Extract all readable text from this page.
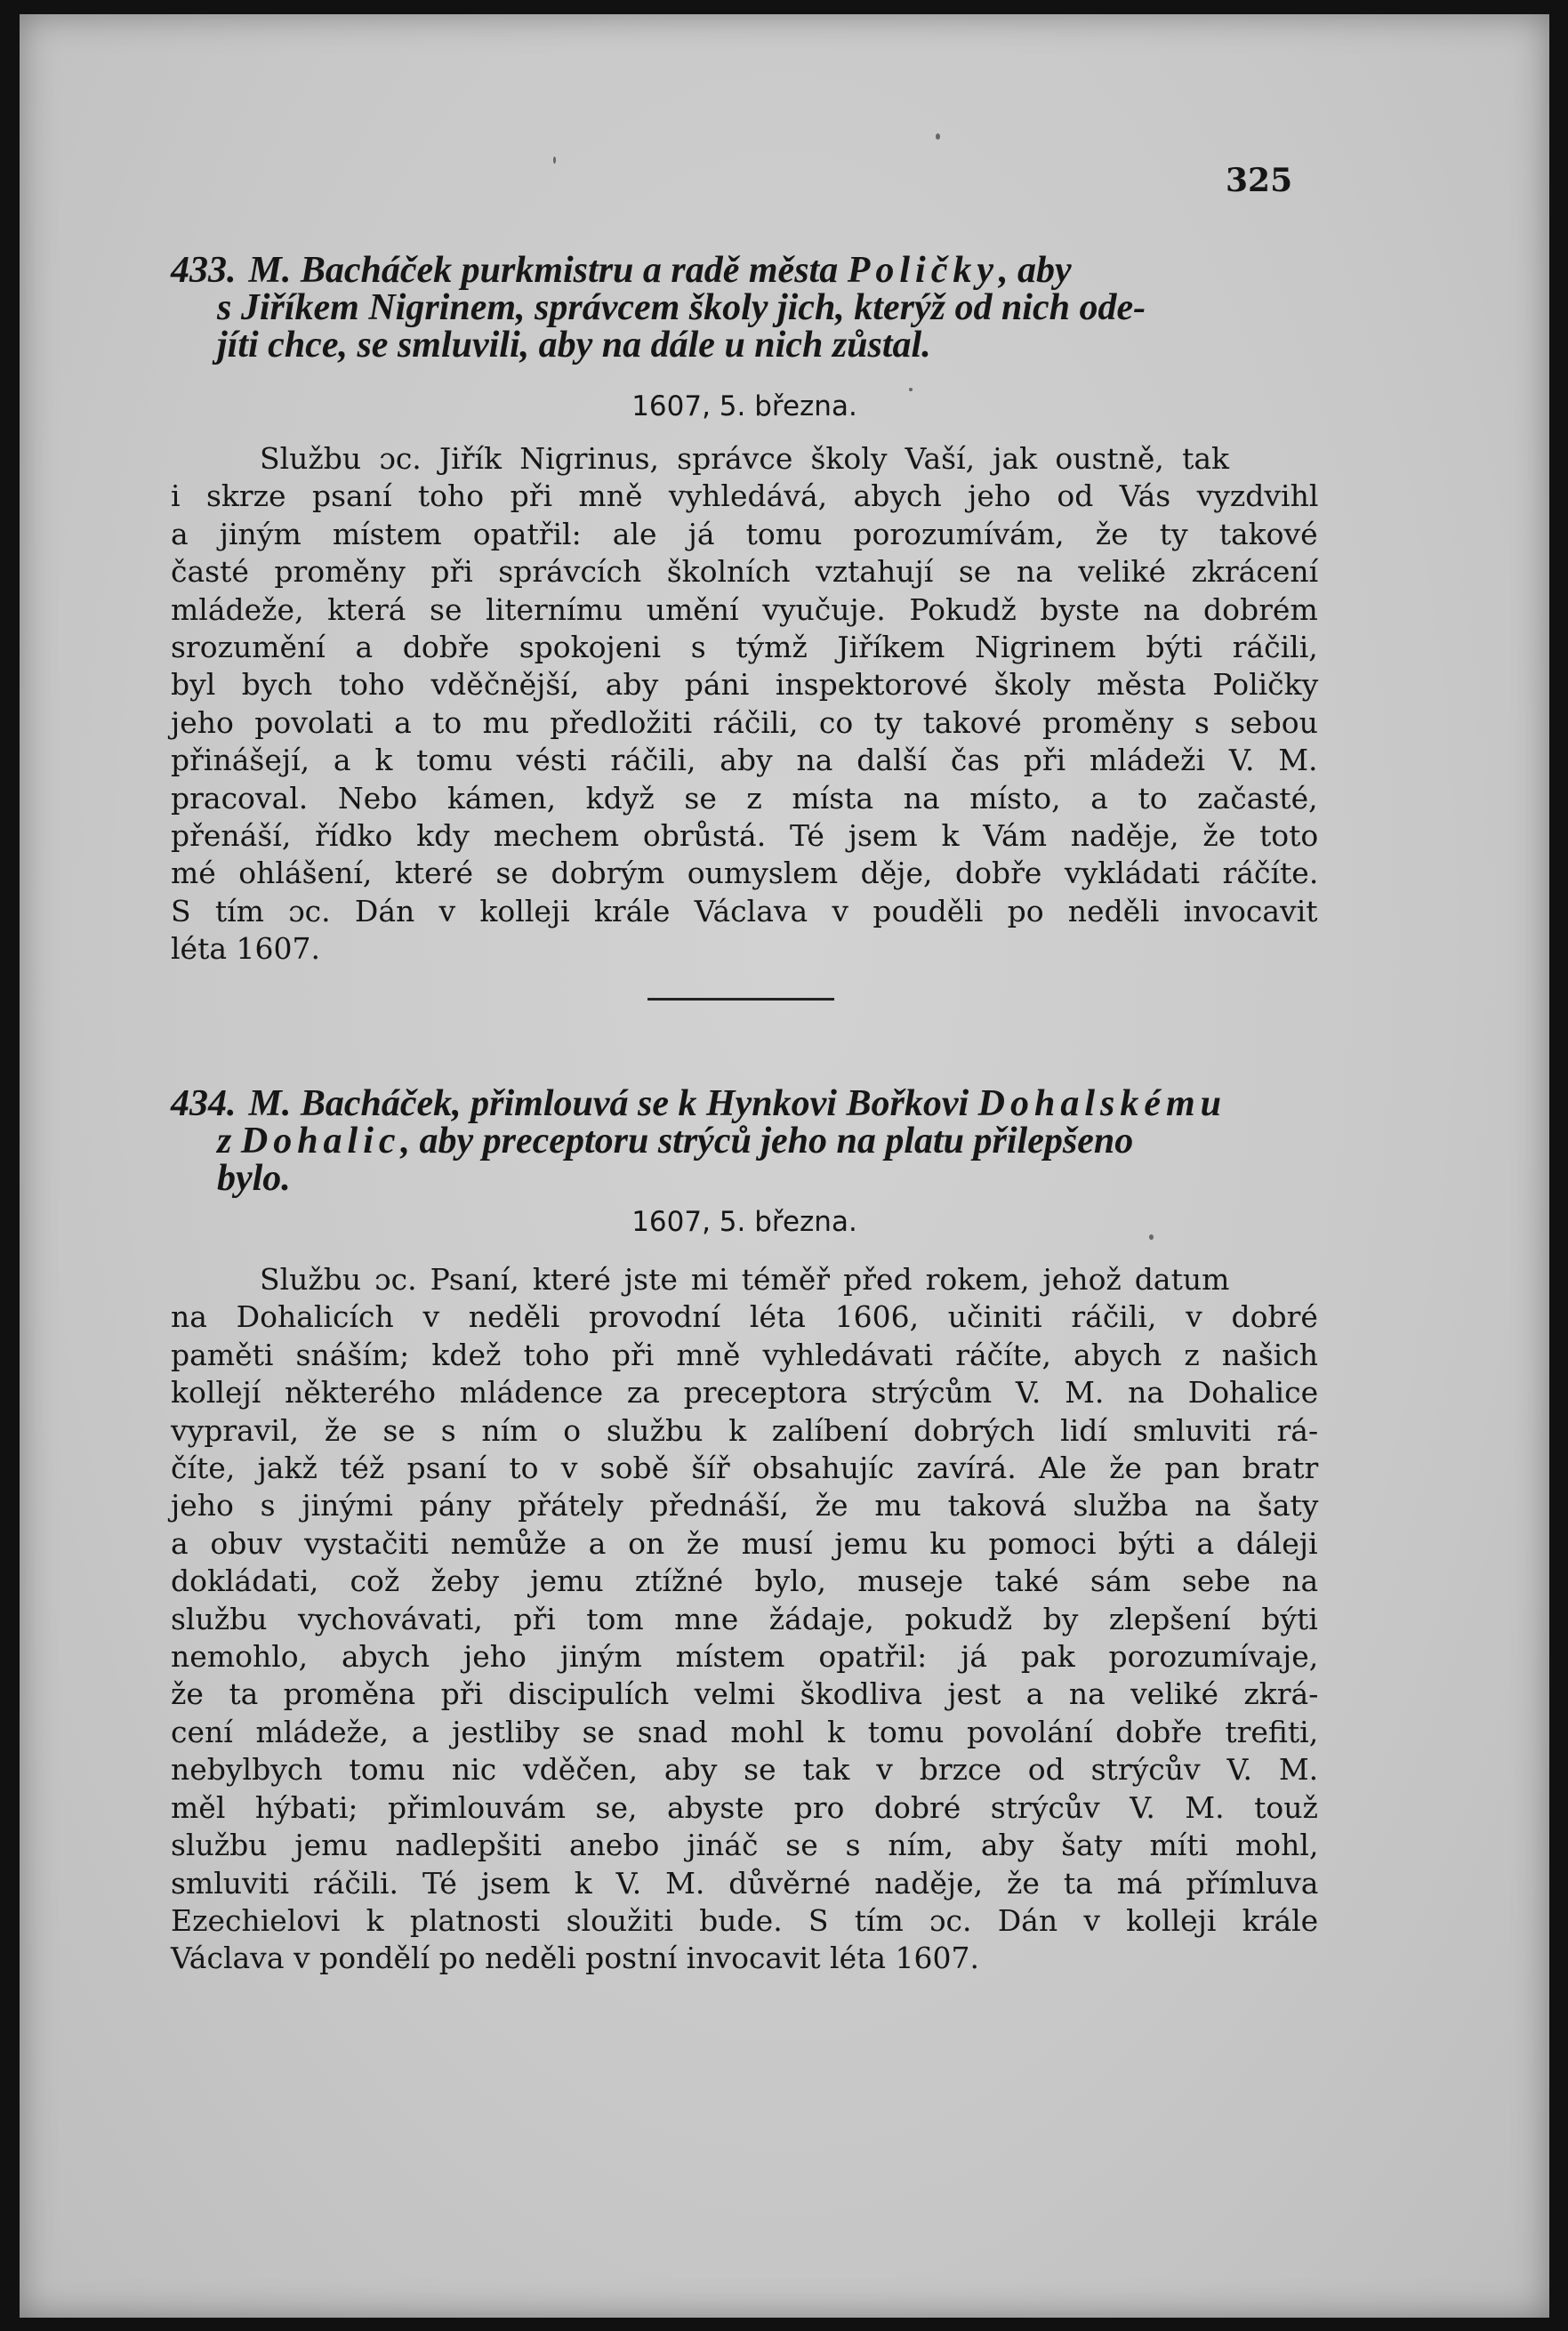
325
433. M. Bacháček purkmistru a radě města Poličky, aby
s Jiříkem Nigrinem, správcem školy jich, kterýž od nich ode-
jíti chce, se smluvili, aby na dále u nich zůstal.
1607, 5. března.
Službu ɔc. Jiřík Nigrinus, správce školy Vaší, jak oustně, tak
i skrze psaní toho při mně vyhledává, abych jeho od Vás vyzdvihl
a jiným místem opatřil: ale já tomu porozumívám, že ty takové
časté proměny při správcích školních vztahují se na veliké zkrácení
mládeže, která se liternímu umění vyučuje. Pokudž byste na dobrém
srozumění a dobře spokojeni s týmž Jiříkem Nigrinem býti ráčili,
byl bych toho vděčnější, aby páni inspektorové školy města Poličky
jeho povolati a to mu předložiti ráčili, co ty takové proměny s sebou
přinášejí, a k tomu vésti ráčili, aby na další čas při mládeži V. M.
pracoval. Nebo kámen, když se z místa na místo, a to začasté,
přenáší, řídko kdy mechem obrůstá. Té jsem k Vám naděje, že toto
mé ohlášení, které se dobrým oumyslem děje, dobře vykládati ráčíte.
S tím ɔc. Dán v kolleji krále Václava v pouděli po neděli invocavit
léta 1607.
434. M. Bacháček, přimlouvá se k Hynkovi Bořkovi Dohalskému
z Dohalic, aby preceptoru strýců jeho na platu přilepšeno
bylo.
1607, 5. března.
Službu ɔc. Psaní, které jste mi téměř před rokem, jehož datum
na Dohalicích v neděli provodní léta 1606, učiniti ráčili, v dobré
paměti snáším; kdež toho při mně vyhledávati ráčíte, abych z našich
kollejí některého mládence za preceptora strýcům V. M. na Dohalice
vypravil, že se s ním o službu k zalíbení dobrých lidí smluviti rá-
číte, jakž též psaní to v sobě šíř obsahujíc zavírá. Ale že pan bratr
jeho s jinými pány přátely přednáší, že mu taková služba na šaty
a obuv vystačiti nemůže a on že musí jemu ku pomoci býti a dáleji
dokládati, což žeby jemu ztížné bylo, museje také sám sebe na
službu vychovávati, při tom mne žádaje, pokudž by zlepšení býti
nemohlo, abych jeho jiným místem opatřil: já pak porozumívaje,
že ta proměna při discipulích velmi škodliva jest a na veliké zkrá-
cení mládeže, a jestliby se snad mohl k tomu povolání dobře trefiti,
nebylbych tomu nic vděčen, aby se tak v brzce od strýcův V. M.
měl hýbati; přimlouvám se, abyste pro dobré strýcův V. M. touž
službu jemu nadlepšiti anebo jináč se s ním, aby šaty míti mohl,
smluviti ráčili. Té jsem k V. M. důvěrné naděje, že ta má přímluva
Ezechielovi k platnosti sloužiti bude. S tím ɔc. Dán v kolleji krále
Václava v pondělí po neděli postní invocavit léta 1607.
